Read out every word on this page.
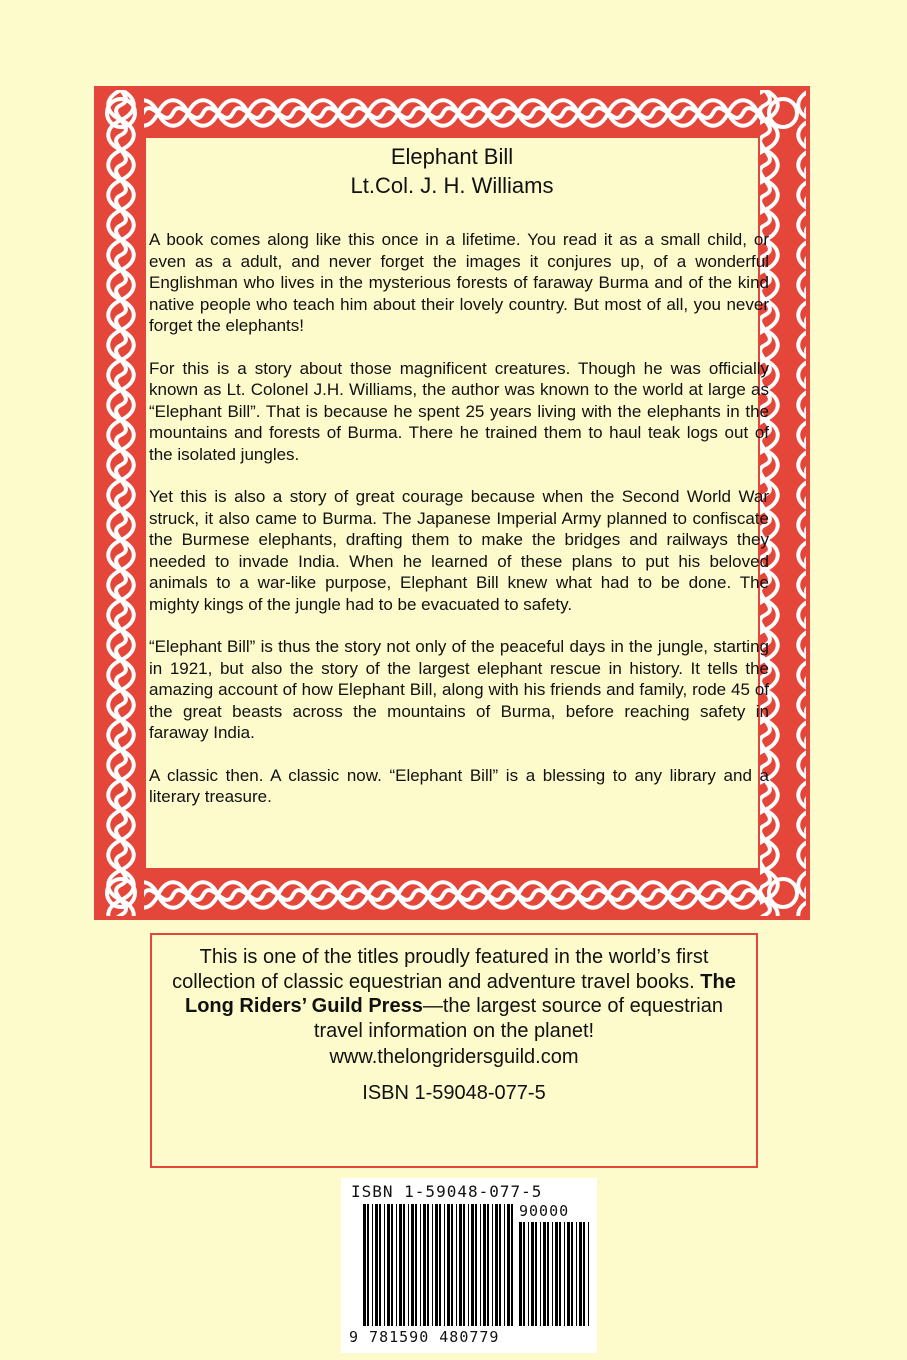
Elephant Bill
Lt.Col. J. H. Williams

A book comes along like this once in a lifetime. You read it as a small child, or even as a adult, and never forget the images it conjures up, of a wonderful Englishman who lives in the mysterious forests of faraway Burma and of the kind native people who teach him about their lovely country. But most of all, you never forget the elephants!

For this is a story about those magnificent creatures. Though he was officially known as Lt. Colonel J.H. Williams, the author was known to the world at large as “Elephant Bill”. That is because he spent 25 years living with the elephants in the mountains and forests of Burma. There he trained them to haul teak logs out of the isolated jungles.

Yet this is also a story of great courage because when the Second World War struck, it also came to Burma. The Japanese Imperial Army planned to confiscate the Burmese elephants, drafting them to make the bridges and railways they needed to invade India. When he learned of these plans to put his beloved animals to a war-like purpose, Elephant Bill knew what had to be done. The mighty kings of the jungle had to be evacuated to safety.

“Elephant Bill” is thus the story not only of the peaceful days in the jungle, starting in 1921, but also the story of the largest elephant rescue in history. It tells the amazing account of how Elephant Bill, along with his friends and family, rode 45 of the great beasts across the mountains of Burma, before reaching safety in faraway India.

A classic then. A classic now. “Elephant Bill” is a blessing to any library and a literary treasure.

This is one of the titles proudly featured in the world’s first collection of classic equestrian and adventure travel books. The Long Riders’ Guild Press—the largest source of equestrian travel information on the planet!
www.thelongridersguild.com
ISBN 1-59048-077-5
ISBN 1-59048-077-5
90000
9 781590 480779
